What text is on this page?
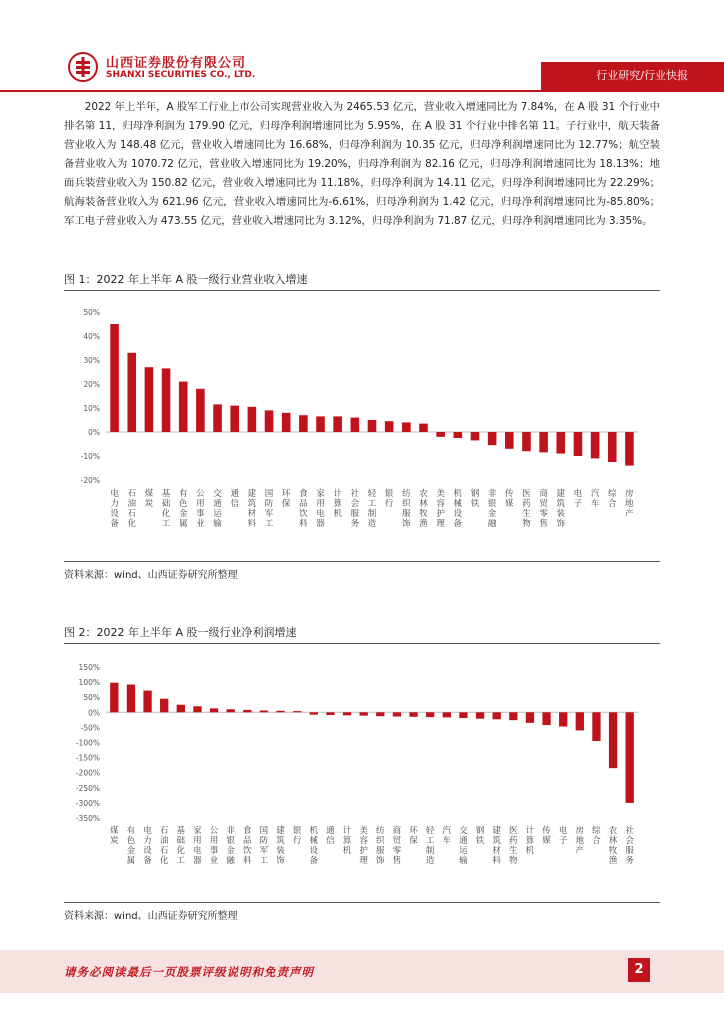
山西证券股份有限公司
SHANXI SECURITIES CO., LTD.	行业研究/行业快报

2022 年上半年，A 股军工行业上市公司实现营业收入为 2465.53 亿元，营业收入增速同比为 7.84%，在 A 股 31 个行业中排名第 11，归母净利润为 179.90 亿元，归母净利润增速同比为 5.95%，在 A 股 31 个行业中排名第 11。子行业中，航天装备营业收入为 148.48 亿元，营业收入增速同比为 16.68%，归母净利润为 10.35 亿元，归母净利润增速同比为 12.77%；航空装备营业收入为 1070.72 亿元，营业收入增速同比为 19.20%，归母净利润为 82.16 亿元，归母净利润增速同比为 18.13%；地面兵装营业收入为 150.82 亿元，营业收入增速同比为 11.18%，归母净利润为 14.11 亿元，归母净利润增速同比为 22.29%；航海装备营业收入为 621.96 亿元，营业收入增速同比为-6.61%，归母净利润为 1.42 亿元，归母净利润增速同比为-85.80%；军工电子营业收入为 473.55 亿元，营业收入增速同比为 3.12%，归母净利润为 71.87 亿元，归母净利润增速同比为 3.35%。

图 1：2022 年上半年 A 股一级行业营业收入增速
50%
40%
30%
20%
10%
0%
-10%
-20%
电力设备
石油石化
煤炭
基础化工
有色金属
公用事业
交通运输
通信
建筑材料
国防军工
环保
食品饮料
家用电器
计算机
社会服务
轻工制造
银行
纺织服饰
农林牧渔
美容护理
机械设备
钢铁
非银金融
传媒
医药生物
商贸零售
建筑装饰
电子
汽车
综合
房地产
资料来源：wind、山西证券研究所整理
图 2：2022 年上半年 A 股一级行业净利润增速
150%
100%
50%
0%
-50%
-100%
-150%
-200%
-250%
-300%
-350%
煤炭
有色金属
电力设备
石油石化
基础化工
家用电器
公用事业
非银金融
食品饮料
国防军工
建筑装饰
银行
机械设备
通信
计算机
美容护理
纺织服饰
商贸零售
环保
轻工制造
汽车
交通运输
钢铁
建筑材料
医药生物
计算机
传媒
电子
房地产
综合
农林牧渔
社会服务
资料来源：wind、山西证券研究所整理
请务必阅读最后一页股票评级说明和免责声明	2
